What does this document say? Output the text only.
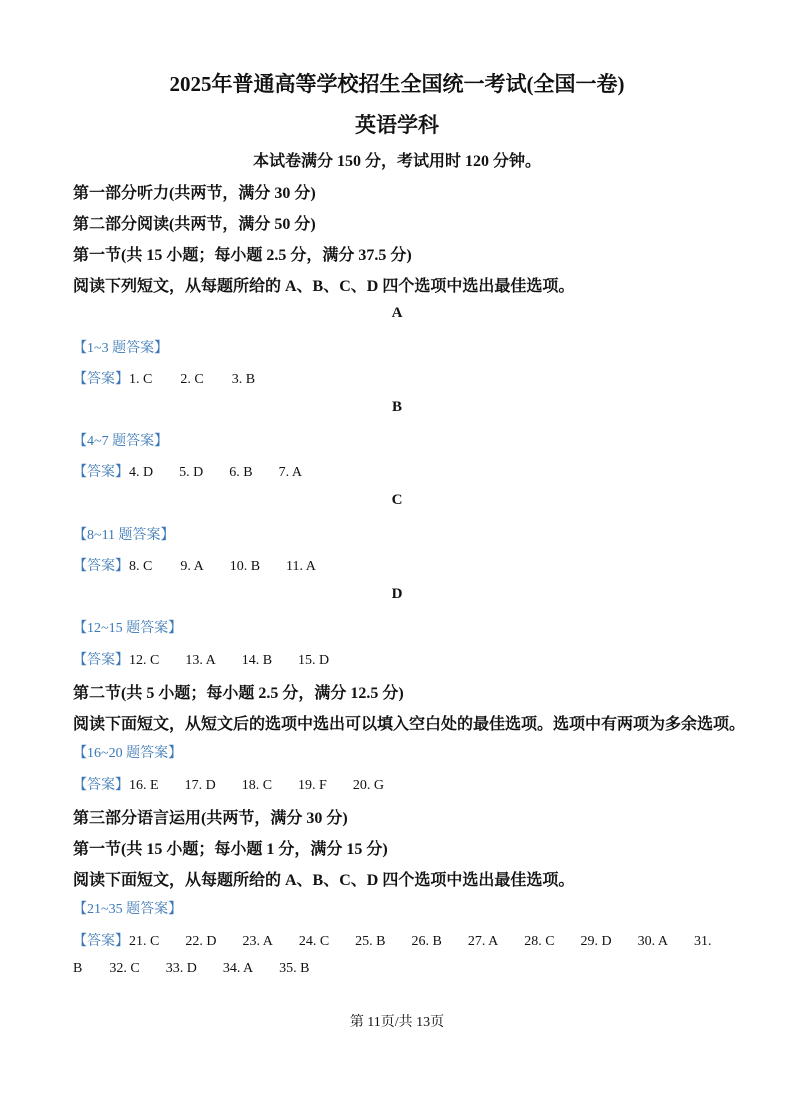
2025年普通高等学校招生全国统一考试(全国一卷)
英语学科
本试卷满分 150 分，考试用时 120 分钟。
第一部分听力(共两节，满分 30 分)
第二部分阅读(共两节，满分 50 分)
第一节(共 15 小题；每小题 2.5 分，满分 37.5 分)
阅读下列短文，从每题所给的 A、B、C、D 四个选项中选出最佳选项。
A
【1~3 题答案】
【答案】1. C 2. C 3. B
B
【4~7 题答案】
【答案】4. D 5. D 6. B 7. A
C
【8~11 题答案】
【答案】8. C 9. A 10. B 11. A
D
【12~15 题答案】
【答案】12. C 13. A 14. B 15. D
第二节(共 5 小题；每小题 2.5 分，满分 12.5 分)
阅读下面短文，从短文后的选项中选出可以填入空白处的最佳选项。选项中有两项为多余选项。
【16~20 题答案】
【答案】16. E 17. D 18. C 19. F 20. G
第三部分语言运用(共两节，满分 30 分)
第一节(共 15 小题；每小题 1 分，满分 15 分)
阅读下面短文，从每题所给的 A、B、C、D 四个选项中选出最佳选项。
【21~35 题答案】
【答案】21. C 22. D 23. A 24. C 25. B 26. B 27. A 28. C 29. D 30. A 31.
B 32. C 33. D 34. A 35. B
第 11页/共 13页
